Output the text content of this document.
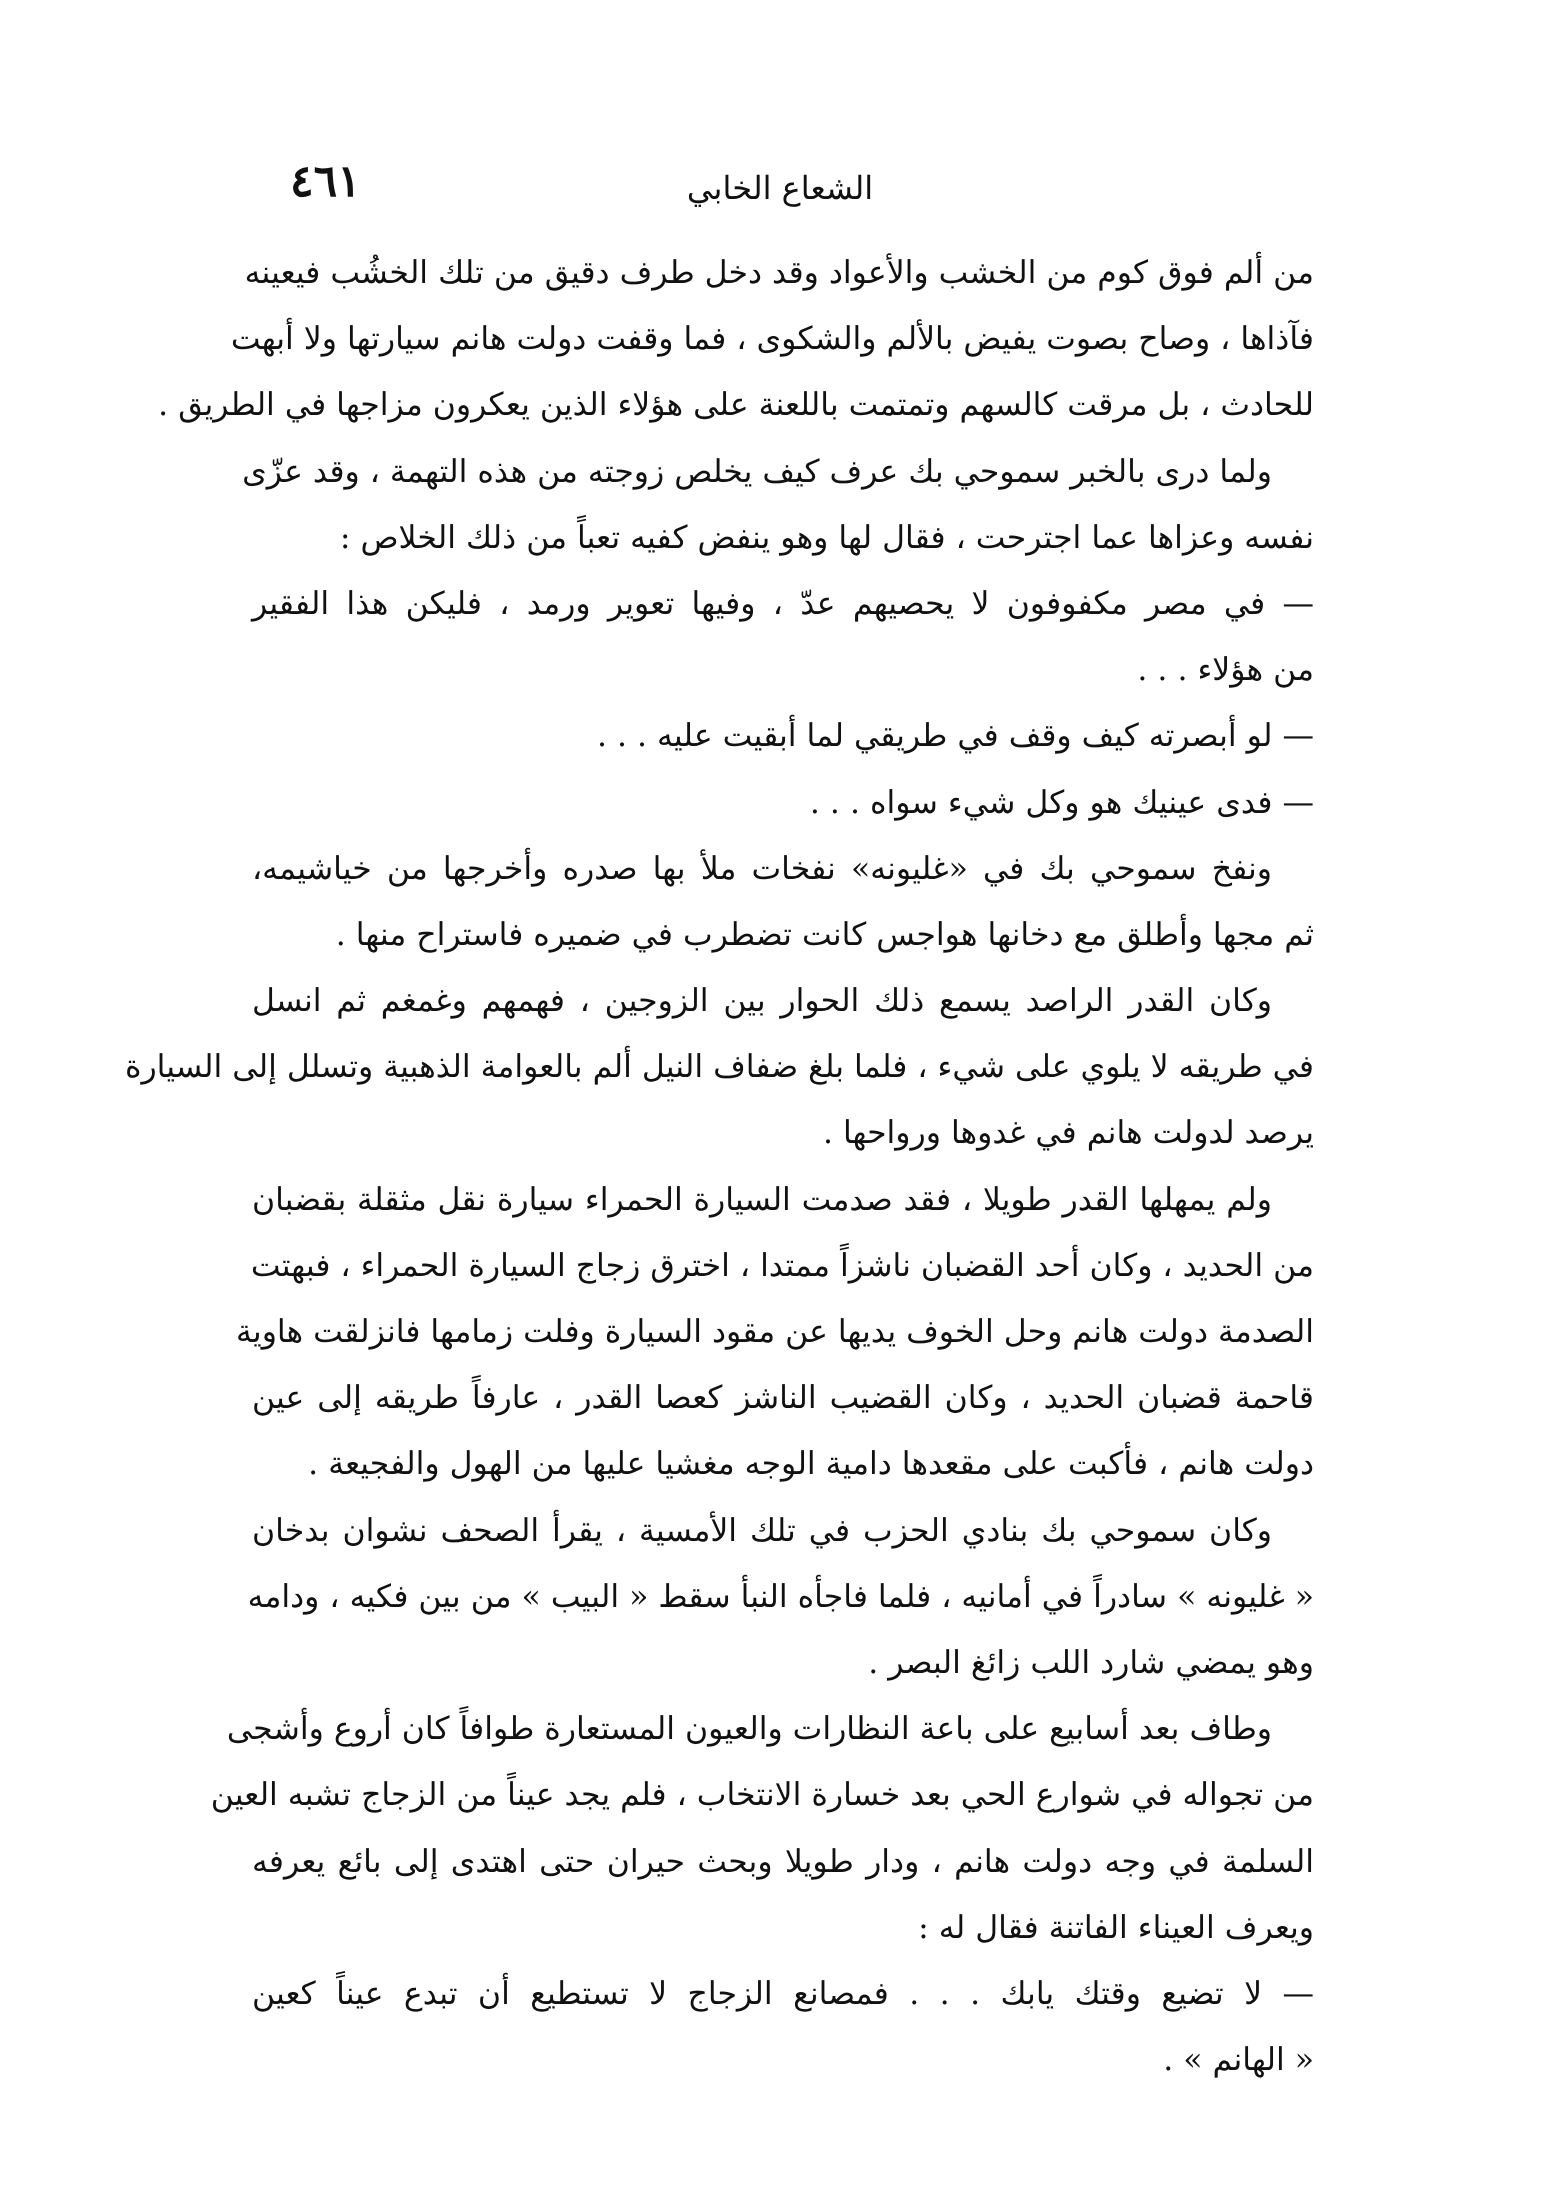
٤٦١	الشعاع الخابي
من ألم فوق كوم من الخشب والأعواد وقد دخل طرف دقيق من تلك الخشُب فيعينه
فآذاها ، وصاح بصوت يفيض بالألم والشكوى ، فما وقفت دولت هانم سيارتها ولا أبهت
للحادث ، بل مرقت كالسهم وتمتمت باللعنة على هؤلاء الذين يعكرون مزاجها في الطريق .
ولما درى بالخبر سموحي بك عرف كيف يخلص زوجته من هذه التهمة ، وقد عزّى
نفسه وعزاها عما اجترحت ، فقال لها وهو ينفض كفيه تعباً من ذلك الخلاص :
— في مصر مكفوفون لا يحصيهم عدّ ، وفيها تعوير ورمد ، فليكن هذا الفقير
من هؤلاء . . .
— لو أبصرته كيف وقف في طريقي لما أبقيت عليه . . .
— فدى عينيك هو وكل شيء سواه . . .
ونفخ سموحي بك في «غليونه» نفخات ملأ بها صدره وأخرجها من خياشيمه،
ثم مجها وأطلق مع دخانها هواجس كانت تضطرب في ضميره فاستراح منها .
وكان القدر الراصد يسمع ذلك الحوار بين الزوجين ، فهمهم وغمغم ثم انسل
في طريقه لا يلوي على شيء ، فلما بلغ ضفاف النيل ألم بالعوامة الذهبية وتسلل إلى السيارة
يرصد لدولت هانم في غدوها ورواحها .
ولم يمهلها القدر طويلا ، فقد صدمت السيارة الحمراء سيارة نقل مثقلة بقضبان
من الحديد ، وكان أحد القضبان ناشزاً ممتدا ، اخترق زجاج السيارة الحمراء ، فبهتت
الصدمة دولت هانم وحل الخوف يديها عن مقود السيارة وفلت زمامها فانزلقت هاوية
قاحمة قضبان الحديد ، وكان القضيب الناشز كعصا القدر ، عارفاً طريقه إلى عين
دولت هانم ، فأكبت على مقعدها دامية الوجه مغشيا عليها من الهول والفجيعة .
وكان سموحي بك بنادي الحزب في تلك الأمسية ، يقرأ الصحف نشوان بدخان
« غليونه » سادراً في أمانيه ، فلما فاجأه النبأ سقط « البيب » من بين فكيه ، ودامه
وهو يمضي شارد اللب زائغ البصر .
وطاف بعد أسابيع على باعة النظارات والعيون المستعارة طوافاً كان أروع وأشجى
من تجواله في شوارع الحي بعد خسارة الانتخاب ، فلم يجد عيناً من الزجاج تشبه العين
السلمة في وجه دولت هانم ، ودار طويلا وبحث حيران حتى اهتدى إلى بائع يعرفه
ويعرف العيناء الفاتنة فقال له :
— لا تضيع وقتك يابك . . . فمصانع الزجاج لا تستطيع أن تبدع عيناً كعين
« الهانم » .
